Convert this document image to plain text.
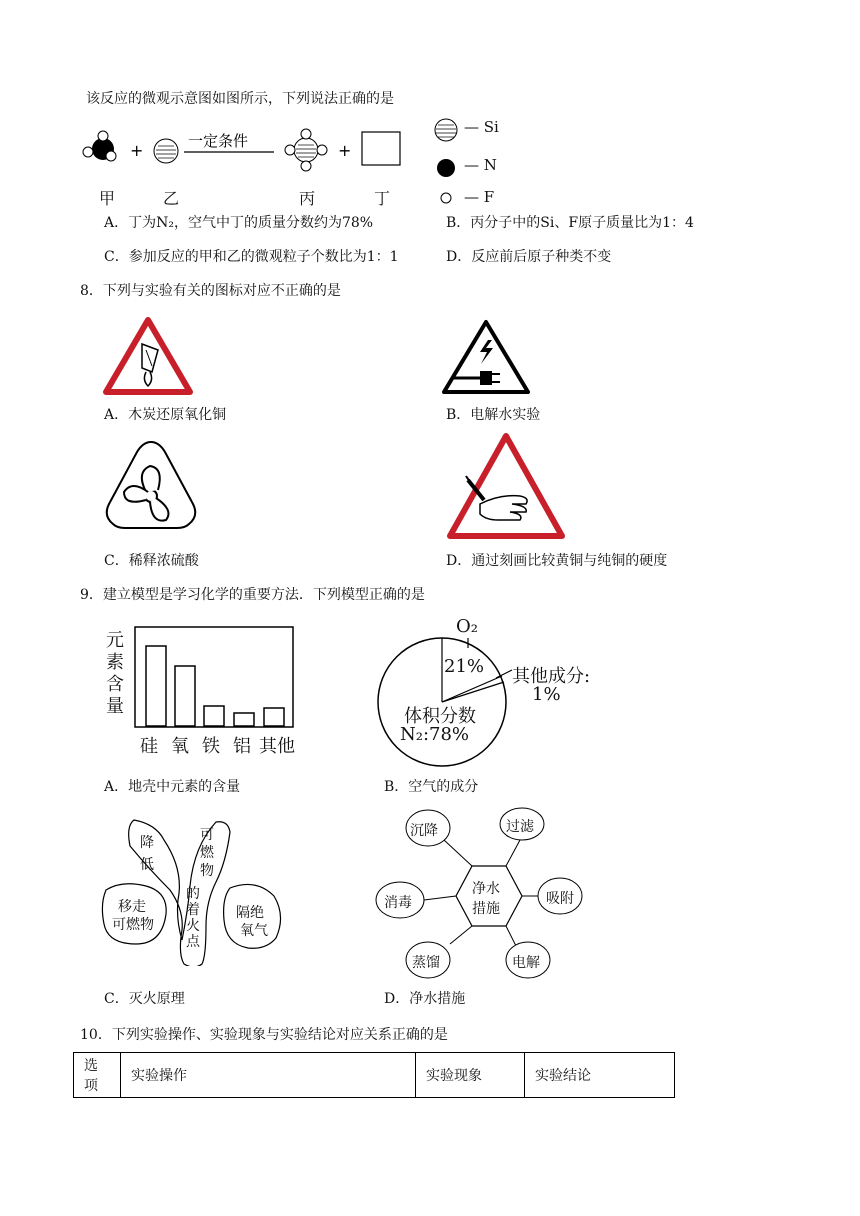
该反应的微观示意图如图所示，下列说法正确的是
+	一定条件	+
— Si
— N
— F
甲	乙	丙	丁
A．丁为N₂，空气中丁的质量分数约为78%	B．丙分子中的Si、F原子质量比为1：4
C．参加反应的甲和乙的微观粒子个数比为1：1	D．反应前后原子种类不变
8．下列与实验有关的图标对应不正确的是
A．木炭还原氧化铜	B．电解水实验
C．稀释浓硫酸	D．通过刻画比较黄铜与纯铜的硬度
9．建立模型是学习化学的重要方法．下列模型正确的是
元素含量
硅 氧 铁 铝 其他
A．地壳中元素的含量
O₂
21% 其他成分:
1%
体积分数
N₂:78%
B．空气的成分
降低
可燃物
的着火点
移走
可燃物
隔绝
氧气
C．灭火原理
沉降	过滤
消毒	吸附
蒸馏	电解
净水
措施
D．净水措施
10．下列实验操作、实验现象与实验结论对应关系正确的是
选项	实验操作	实验现象	实验结论
